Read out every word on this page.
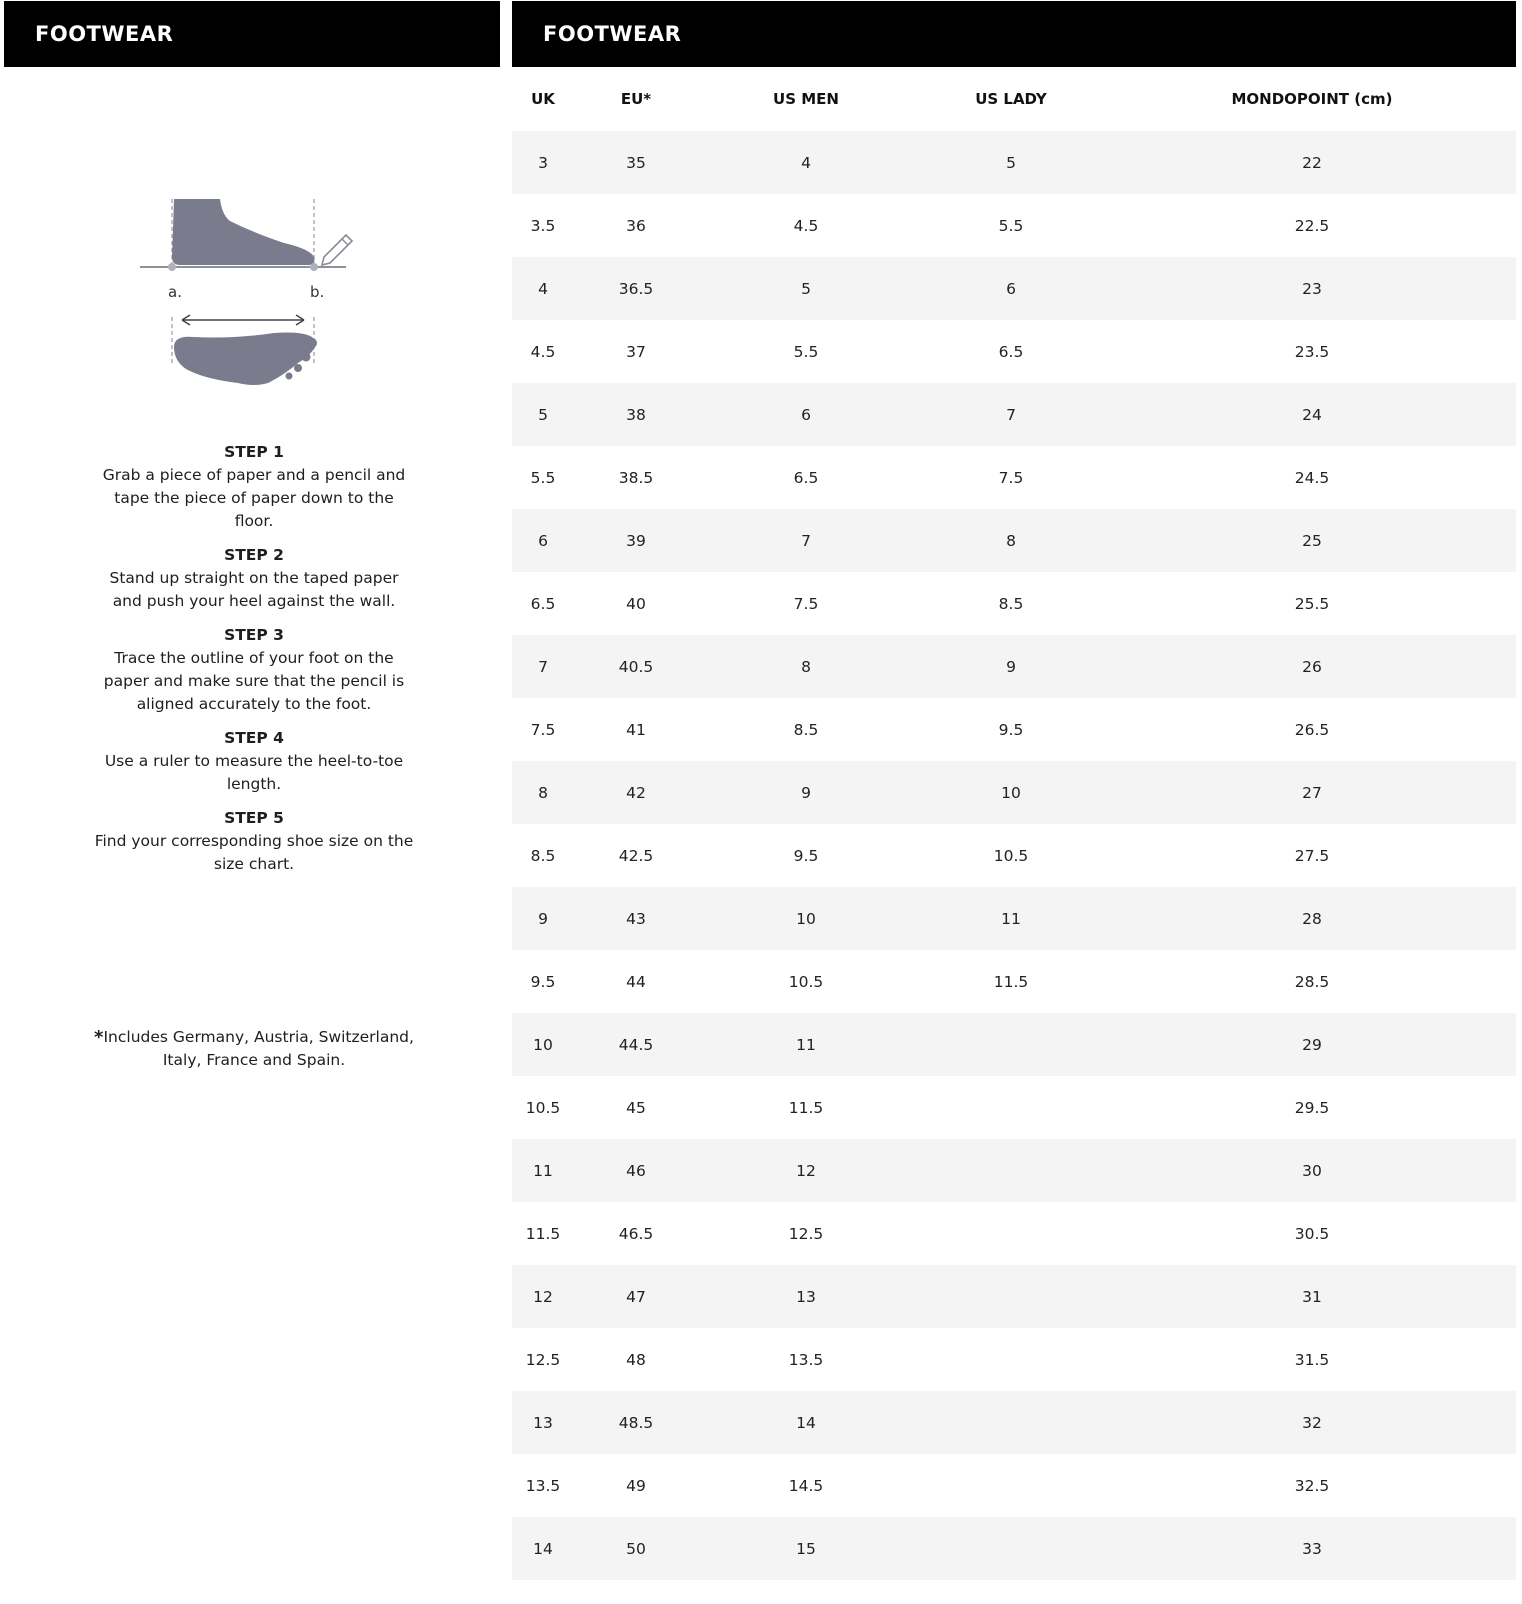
FOOTWEAR
a.	b.
STEP 1
Grab a piece of paper and a pencil and tape the piece of paper down to the floor.
STEP 2
Stand up straight on the taped paper and push your heel against the wall.
STEP 3
Trace the outline of your foot on the paper and make sure that the pencil is aligned accurately to the foot.
STEP 4
Use a ruler to measure the heel-to-toe length.
STEP 5
Find your corresponding shoe size on the size chart.
*Includes Germany, Austria, Switzerland, Italy, France and Spain.
FOOTWEAR
UK	EU*	US MEN	US LADY	MONDOPOINT (cm)
3	35	4	5	22
3.5	36	4.5	5.5	22.5
4	36.5	5	6	23
4.5	37	5.5	6.5	23.5
5	38	6	7	24
5.5	38.5	6.5	7.5	24.5
6	39	7	8	25
6.5	40	7.5	8.5	25.5
7	40.5	8	9	26
7.5	41	8.5	9.5	26.5
8	42	9	10	27
8.5	42.5	9.5	10.5	27.5
9	43	10	11	28
9.5	44	10.5	11.5	28.5
10	44.5	11		29
10.5	45	11.5		29.5
11	46	12		30
11.5	46.5	12.5		30.5
12	47	13		31
12.5	48	13.5		31.5
13	48.5	14		32
13.5	49	14.5		32.5
14	50	15		33
